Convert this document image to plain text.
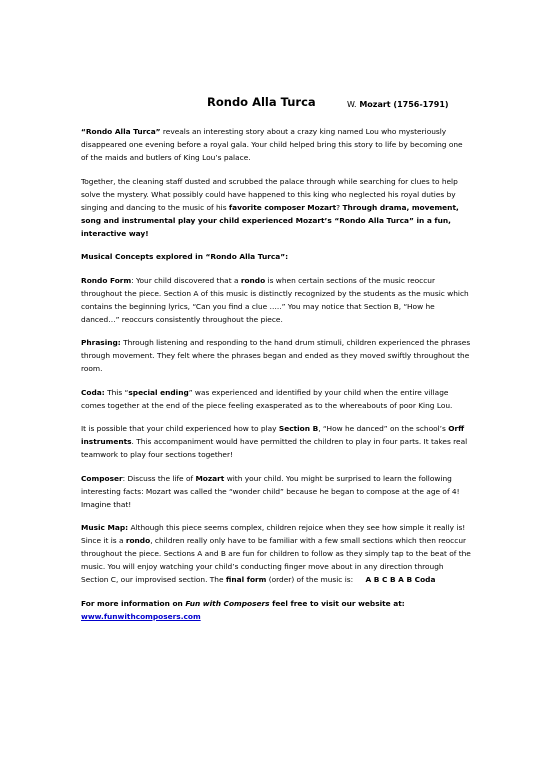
Rondo Alla Turca	W. Mozart (1756-1791)

“Rondo Alla Turca” reveals an interesting story about a crazy king named Lou who mysteriously disappeared one evening before a royal gala. Your child helped bring this story to life by becoming one of the maids and butlers of King Lou’s palace.

Together, the cleaning staff dusted and scrubbed the palace through while searching for clues to help solve the mystery. What possibly could have happened to this king who neglected his royal duties by singing and dancing to the music of his favorite composer Mozart? Through drama, movement, song and instrumental play your child experienced Mozart’s “Rondo Alla Turca” in a fun, interactive way!

Musical Concepts explored in “Rondo Alla Turca”:

Rondo Form: Your child discovered that a rondo is when certain sections of the music reoccur throughout the piece. Section A of this music is distinctly recognized by the students as the music which contains the beginning lyrics, “Can you find a clue …..” You may notice that Section B, “How he danced…” reoccurs consistently throughout the piece.

Phrasing: Through listening and responding to the hand drum stimuli, children experienced the phrases through movement. They felt where the phrases began and ended as they moved swiftly throughout the room.

Coda: This “special ending” was experienced and identified by your child when the entire village comes together at the end of the piece feeling exasperated as to the whereabouts of poor King Lou.

It is possible that your child experienced how to play Section B, “How he danced” on the school’s Orff instruments. This accompaniment would have permitted the children to play in four parts. It takes real teamwork to play four sections together!

Composer: Discuss the life of Mozart with your child. You might be surprised to learn the following interesting facts: Mozart was called the “wonder child” because he began to compose at the age of 4! Imagine that!

Music Map: Although this piece seems complex, children rejoice when they see how simple it really is! Since it is a rondo, children really only have to be familiar with a few small sections which then reoccur throughout the piece. Sections A and B are fun for children to follow as they simply tap to the beat of the music. You will enjoy watching your child’s conducting finger move about in any direction through Section C, our improvised section. The final form (order) of the music is: A B C B A B Coda

For more information on Fun with Composers feel free to visit our website at:
www.funwithcomposers.com
